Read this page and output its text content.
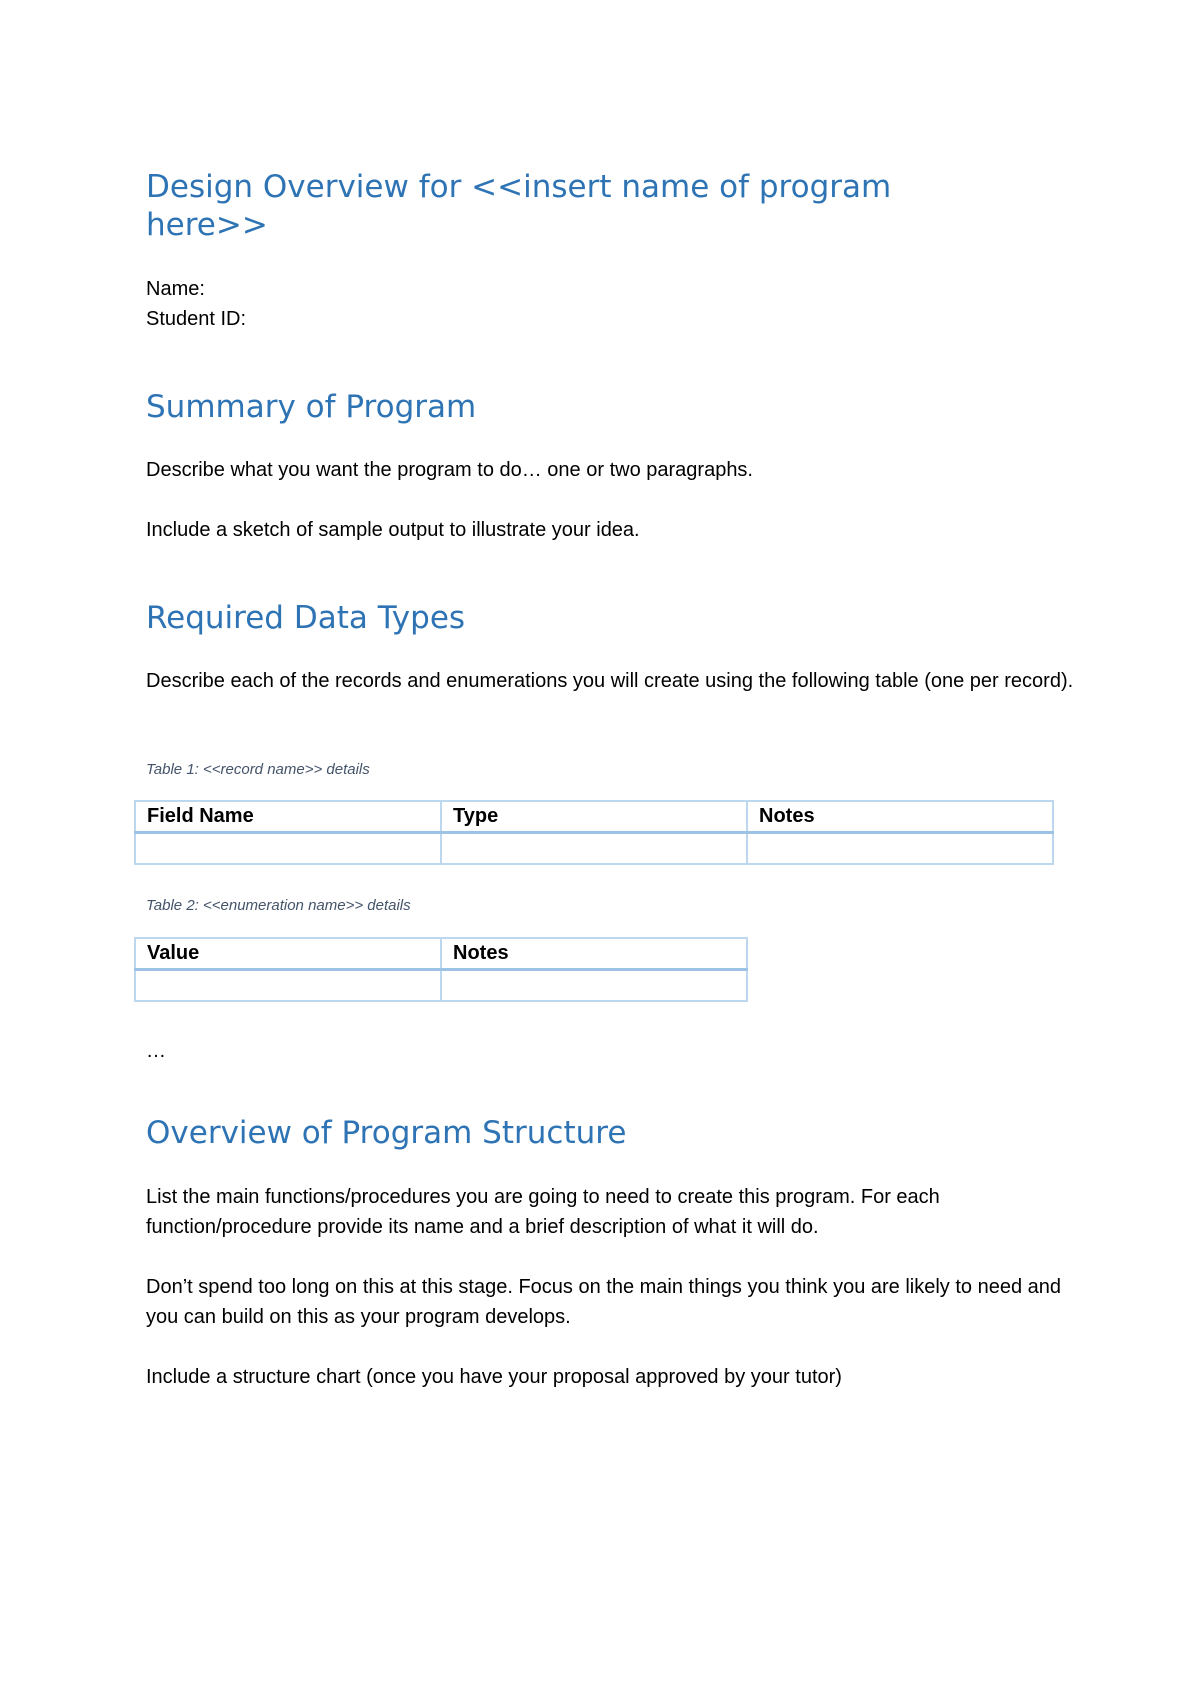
Design Overview for <<insert name of program here>>

Name:

Student ID:

Summary of Program

Describe what you want the program to do… one or two paragraphs.

Include a sketch of sample output to illustrate your idea.

Required Data Types

Describe each of the records and enumerations you will create using the following table (one per record).

Table 1: <<record name>> details

Field Name	Type	Notes

Table 2: <<enumeration name>> details

Value	Notes

…

Overview of Program Structure

List the main functions/procedures you are going to need to create this program. For each function/procedure provide its name and a brief description of what it will do.

Don’t spend too long on this at this stage. Focus on the main things you think you are likely to need and you can build on this as your program develops.

Include a structure chart (once you have your proposal approved by your tutor)
